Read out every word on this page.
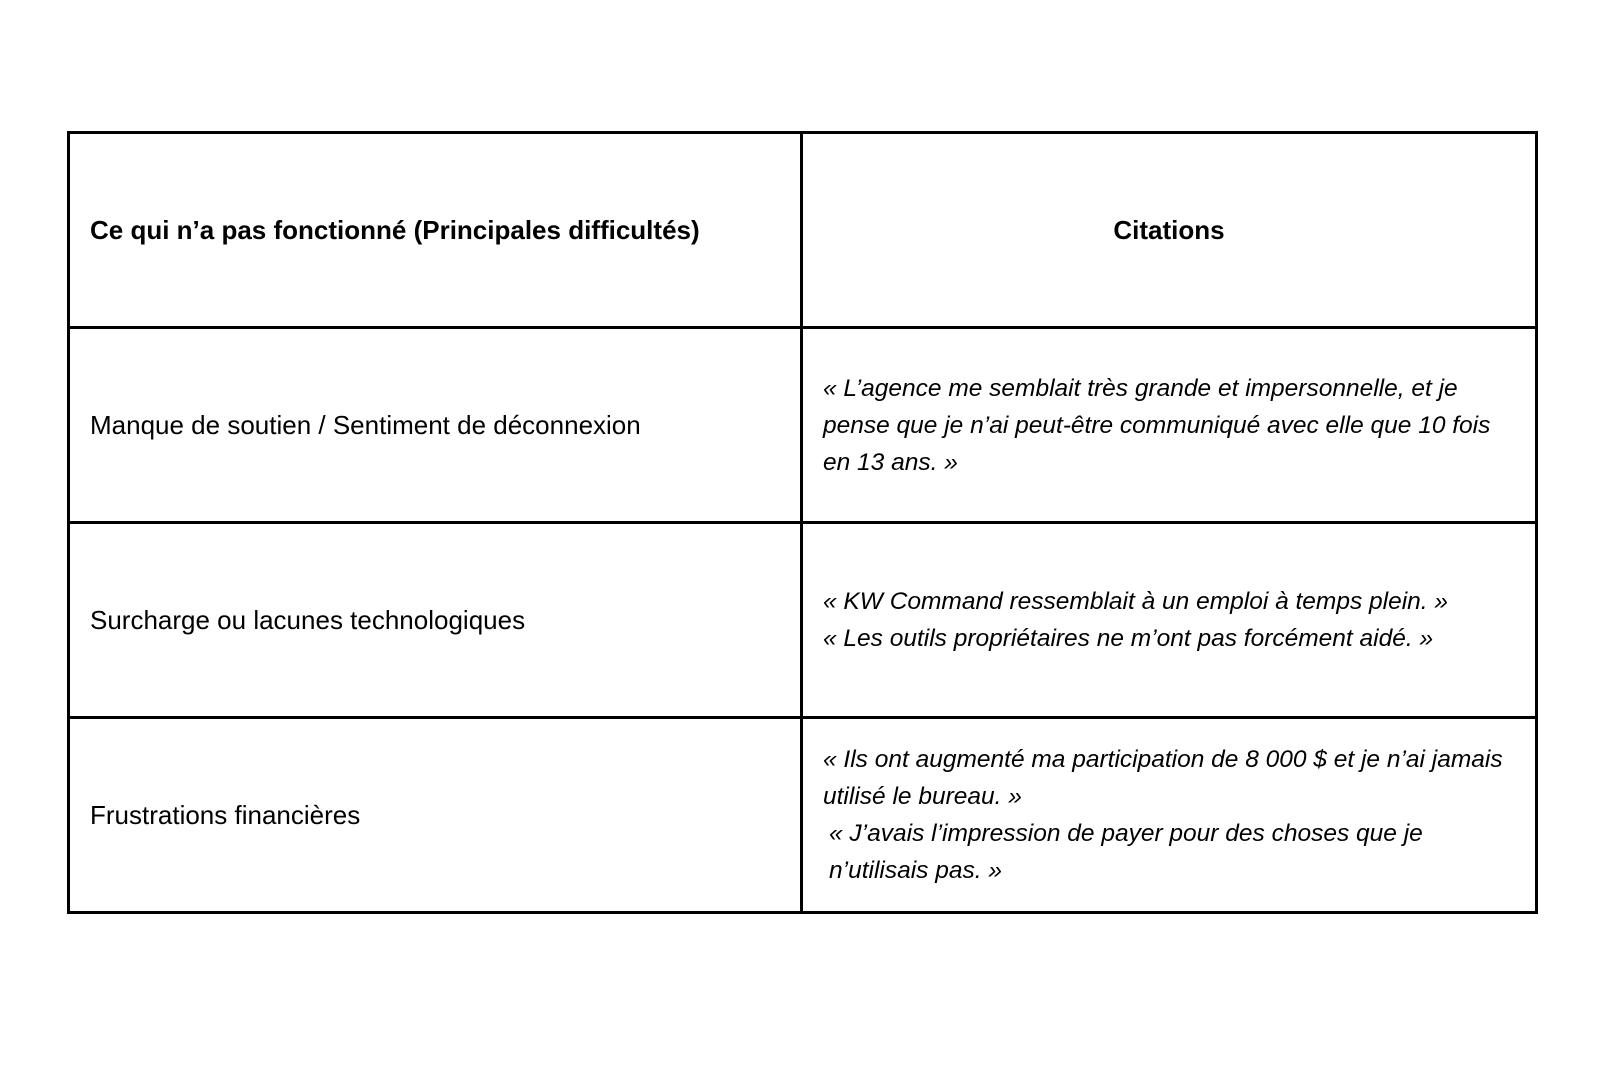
Ce qui n’a pas fonctionné (Principales difficultés)	Citations
Manque de soutien / Sentiment de déconnexion	« L’agence me semblait très grande et impersonnelle, et je pense que je n’ai peut-être communiqué avec elle que 10 fois en 13 ans. »

Surcharge ou lacunes technologiques	« KW Command ressemblait à un emploi à temps plein. »
« Les outils propriétaires ne m’ont pas forcément aidé. »

Frustrations financières	« Ils ont augmenté ma participation de 8 000 $ et je n’ai jamais utilisé le bureau. »
« J’avais l’impression de payer pour des choses que je n’utilisais pas. »
